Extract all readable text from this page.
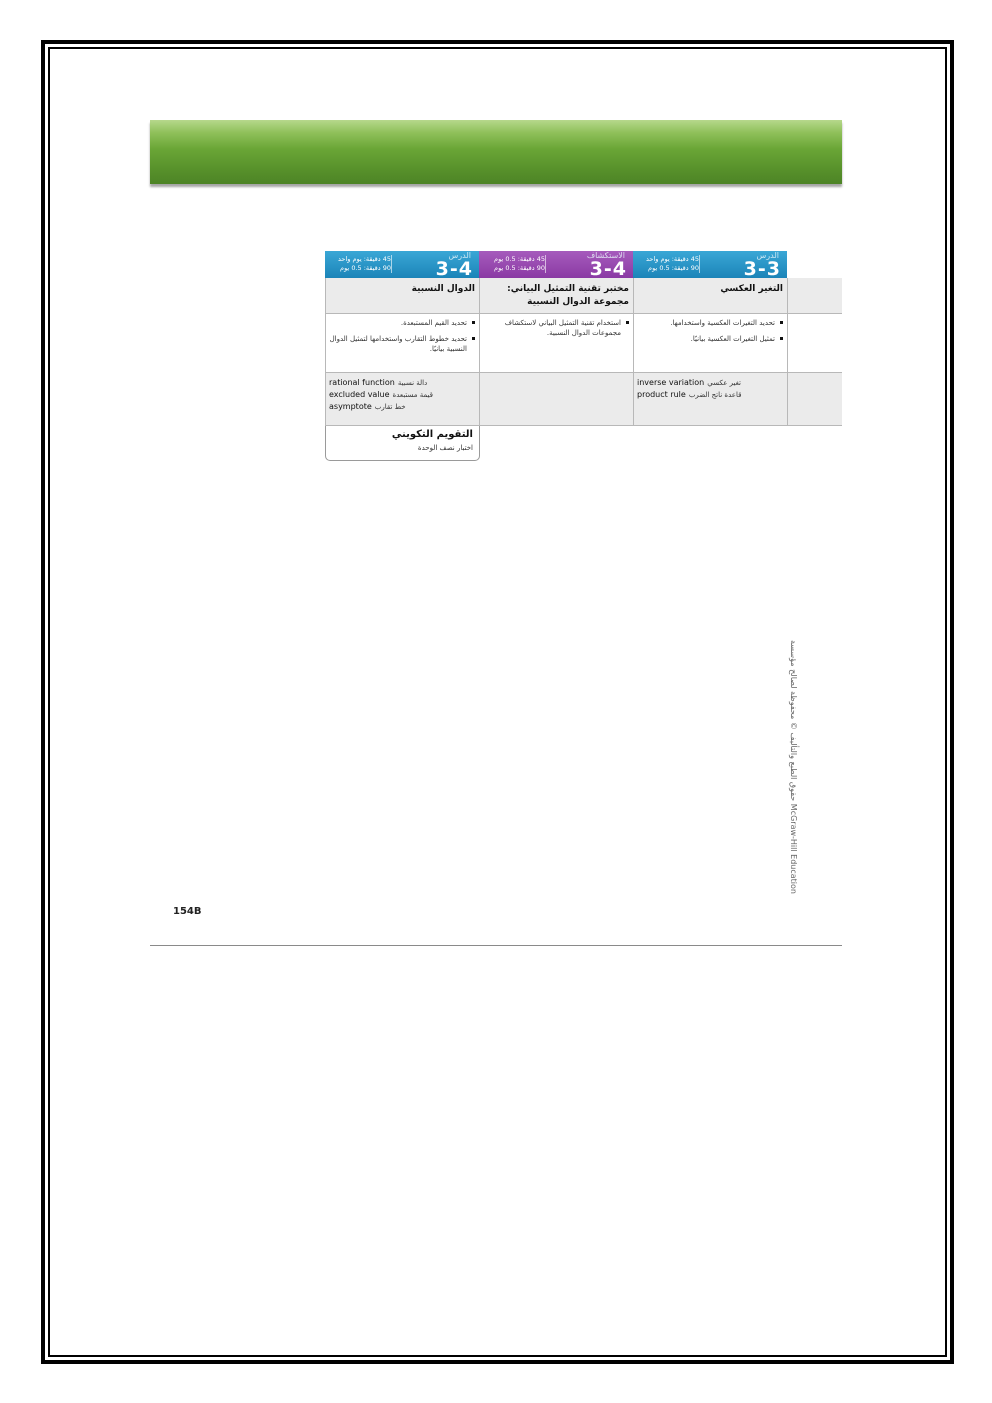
الدرس
3-4
45 دقيقة: يوم واحد
90 دقيقة: 0.5 يوم
الدوال النسبية
تحديد القيم المستبعدة.
تحديد خطوط التقارب واستخدامها لتمثيل الدوال النسبية بيانيًا.
دالة نسبية
rational function
قيمة مستبعدة
excluded value
خط تقارب
asymptote
التقويم التكويني
اختبار نصف الوحدة
الاستكشاف
3-4
45 دقيقة: 0.5 يوم
90 دقيقة: 0.5 يوم
مختبر تقنية التمثيل البياني: مجموعة الدوال النسبية
استخدام تقنية التمثيل البياني لاستكشاف مجموعات الدوال النسبية.
الدرس
3-3
45 دقيقة: يوم واحد
90 دقيقة: 0.5 يوم
التغير العكسي
تحديد التغيرات العكسية واستخدامها.
تمثيل التغيرات العكسية بيانيًا.
تغير عكسي
inverse variation
قاعدة ناتج الضرب
product rule
حقوق الطبع والتأليف © محفوظة لصالح مؤسسة McGraw-Hill Education
154B
